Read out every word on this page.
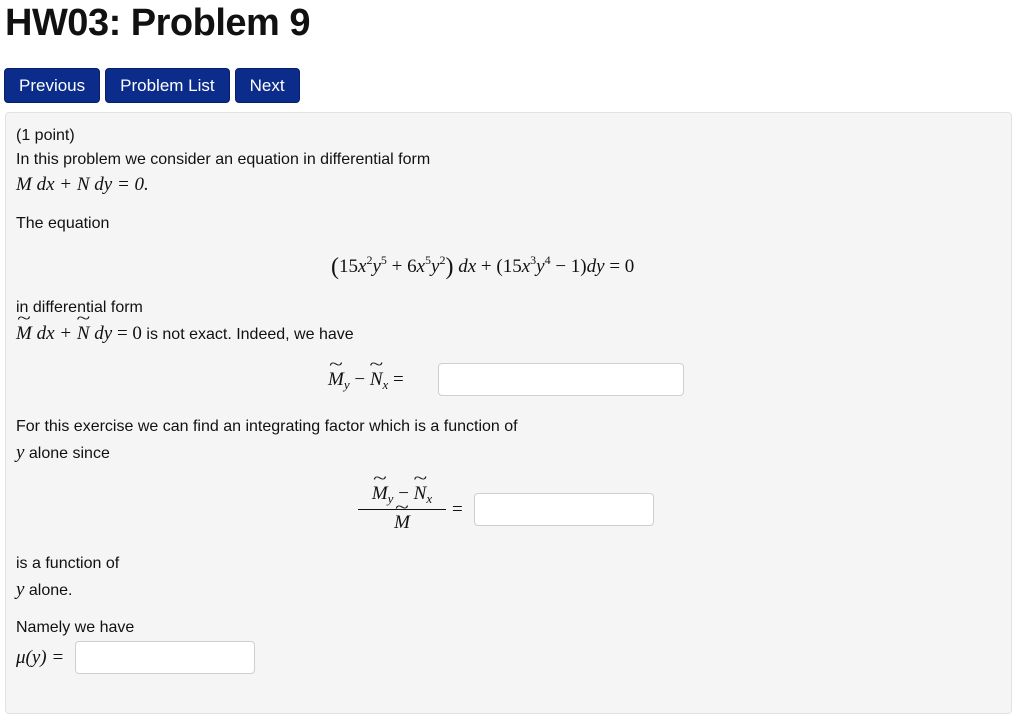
HW03: Problem 9
Previous	Problem List	Next
(1 point)
In this problem we consider an equation in differential form
M dx + N dy = 0.
The equation
$(15x^2y^5 + 6x^5y^2)$ dx + $(15x^3y^4 - 1)dy = 0$
in differential form
~ M dx + ~ N dy = 0 is not exact. Indeed, we have
~ $M_y$ − ~ $N_x$ =
For this exercise we can find an integrating factor which is a function of
y alone since
~ $M_y$ − ~ $N_x$
~ M
=
is a function of
y alone.
Namely we have
μ(y) =
